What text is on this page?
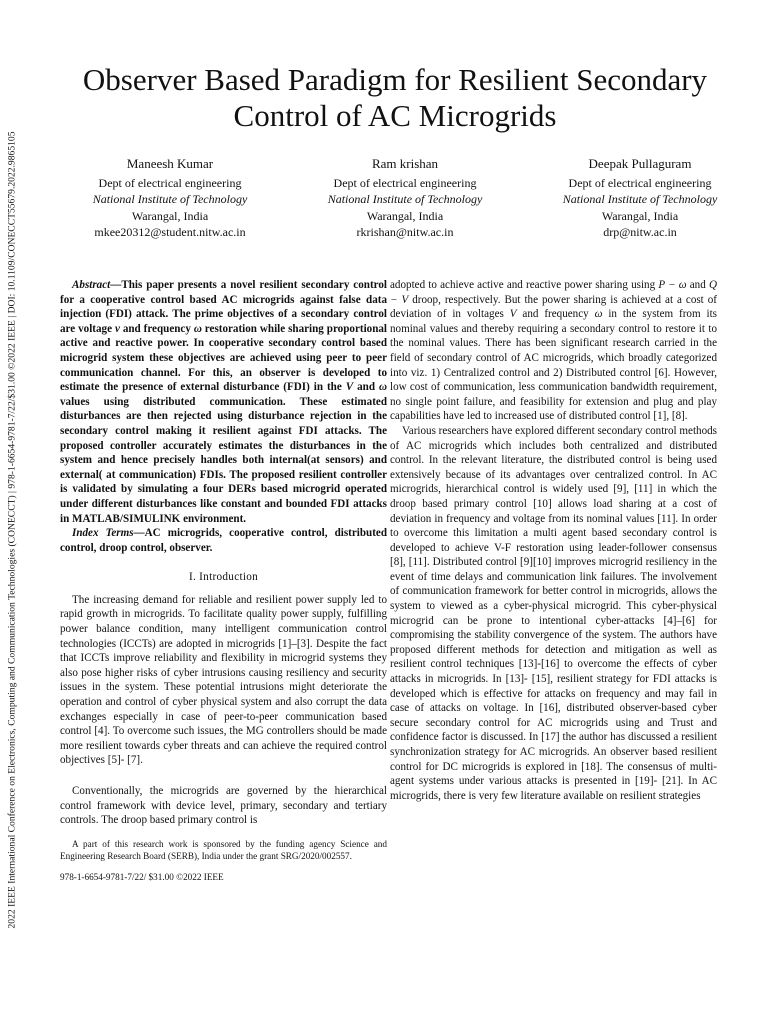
2022 IEEE International Conference on Electronics, Computing and Communication Technologies (CONECCT) | 978-1-6654-9781-7/22/$31.00 ©2022 IEEE | DOI: 10.1109/CONECCT55679.2022.9865105
Observer Based Paradigm for Resilient Secondary Control of AC Microgrids
Maneesh Kumar
Dept of electrical engineering
National Institute of Technology
Warangal, India
mkee20312@student.nitw.ac.in
Ram krishan
Dept of electrical engineering
National Institute of Technology
Warangal, India
rkrishan@nitw.ac.in
Deepak Pullaguram
Dept of electrical engineering
National Institute of Technology
Warangal, India
drp@nitw.ac.in

Abstract—This paper presents a novel resilient secondary control for a cooperative control based AC microgrids against false data injection (FDI) attack. The prime objectives of a secondary control are voltage v and frequency ω restoration while sharing proportional active and reactive power. In cooperative secondary control based microgrid system these objectives are achieved using peer to peer communication channel. For this, an observer is developed to estimate the presence of external disturbance (FDI) in the V and ω values using distributed communication. These estimated disturbances are then rejected using disturbance rejection in the secondary control making it resilient against FDI attacks. The proposed controller accurately estimates the disturbances in the system and hence precisely handles both internal(at sensors) and external( at communication) FDIs. The proposed resilient controller is validated by simulating a four DERs based microgrid operated under different disturbances like constant and bounded FDI attacks in MATLAB/SIMULINK environment.

Index Terms—AC microgrids, cooperative control, distributed control, droop control, observer.

I. Introduction

The increasing demand for reliable and resilient power supply led to rapid growth in microgrids. To facilitate quality power supply, fulfilling power balance condition, many intelligent communication control technologies (ICCTs) are adopted in microgrids [1]–[3]. Despite the fact that ICCTs improve reliability and flexibility in microgrid systems they also pose higher risks of cyber intrusions causing resiliency and security issues in the system. These potential intrusions might deteriorate the operation and control of cyber physical system and also corrupt the data exchanges especially in case of peer-to-peer communication based control [4]. To overcome such issues, the MG controllers should be made more resilient towards cyber threats and can achieve the required control objectives [5]- [7].

Conventionally, the microgrids are governed by the hierarchical control framework with device level, primary, secondary and tertiary controls. The droop based primary control is

A part of this research work is sponsored by the funding agency Science and Engineering Research Board (SERB), India under the grant SRG/2020/002557.

978-1-6654-9781-7/22/ $31.00 ©2022 IEEE

adopted to achieve active and reactive power sharing using P − ω and Q − V droop, respectively. But the power sharing is achieved at a cost of deviation of in voltages V and frequency ω in the system from its nominal values and thereby requiring a secondary control to restore it to the nominal values. There has been significant research carried in the field of secondary control of AC microgrids, which broadly categorized into viz. 1) Centralized control and 2) Distributed control [6]. However, low cost of communication, less communication bandwidth requirement, no single point failure, and feasibility for extension and plug and play capabilities have led to increased use of distributed control [1], [8].

Various researchers have explored different secondary control methods of AC microgrids which includes both centralized and distributed control. In the relevant literature, the distributed control is being used extensively because of its advantages over centralized control. In AC microgrids, hierarchical control is widely used [9], [11] in which the droop based primary control [10] allows load sharing at a cost of deviation in frequency and voltage from its nominal values [11]. In order to overcome this limitation a multi agent based secondary control is developed to achieve V-F restoration using leader-follower consensus [8], [11]. Distributed control [9][10] improves microgrid resiliency in the event of time delays and communication link failures. The involvement of communication framework for better control in microgrids, allows the system to viewed as a cyber-physical microgrid. This cyber-physical microgrid can be prone to intentional cyber-attacks [4]–[6] for compromising the stability convergence of the system. The authors have proposed different methods for detection and mitigation as well as resilient control techniques [13]-[16] to overcome the effects of cyber attacks in microgrids. In [13]- [15], resilient strategy for FDI attacks is developed which is effective for attacks on frequency and may fail in case of attacks on voltage. In [16], distributed observer-based cyber secure secondary control for AC microgrids using and Trust and confidence factor is discussed. In [17] the author has discussed a resilient synchronization strategy for AC microgrids. An observer based resilient control for DC microgrids is explored in [18]. The consensus of multi-agent systems under various attacks is presented in [19]- [21]. In AC microgrids, there is very few literature available on resilient strategies
